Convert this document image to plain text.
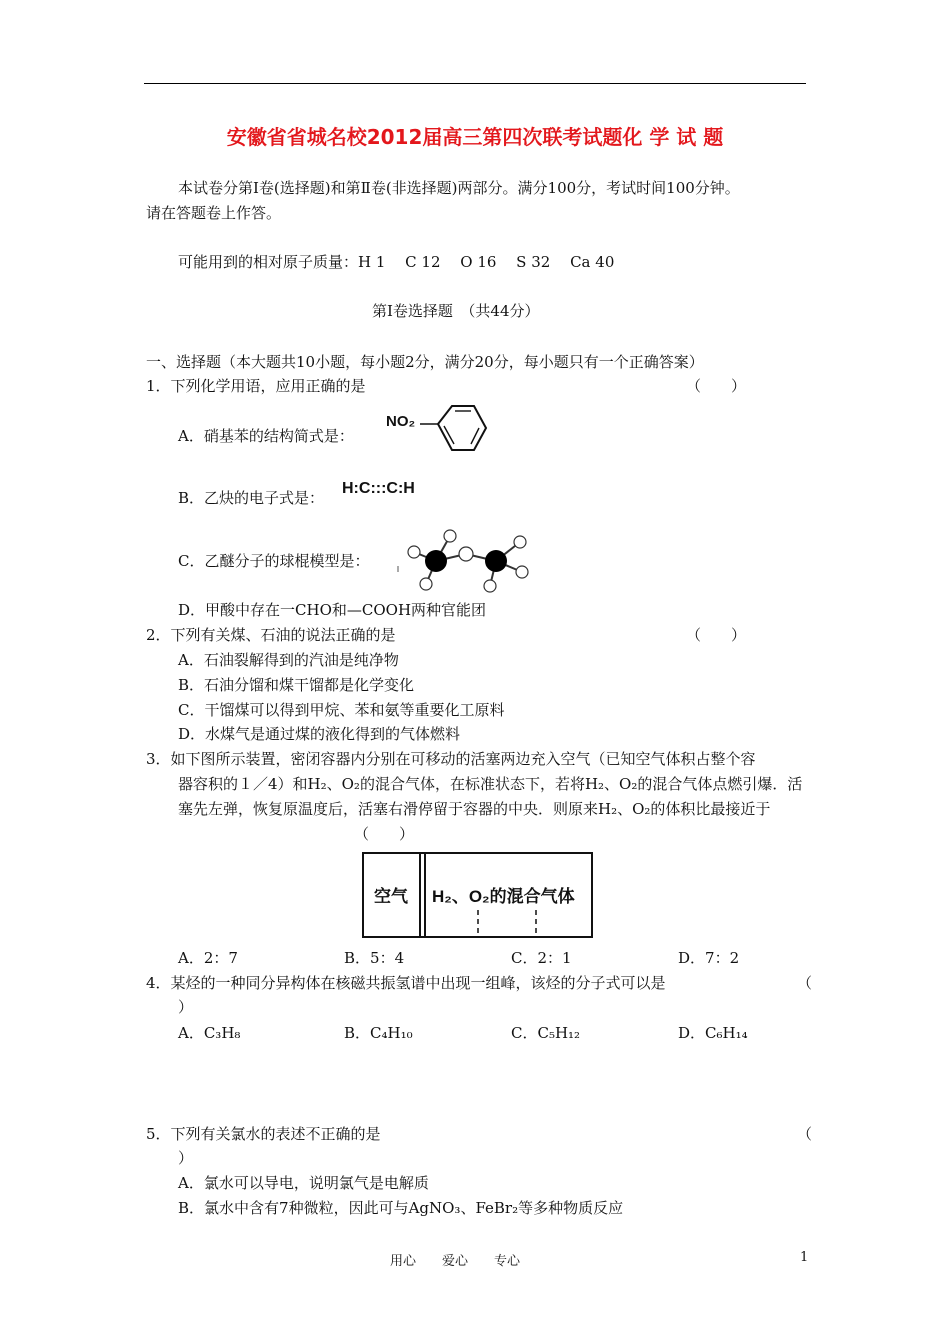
安徽省省城名校2012届高三第四次联考试题化 学 试 题
本试卷分第Ⅰ卷(选择题)和第Ⅱ卷(非选择题)两部分。满分100分，考试时间100分钟。
请在答题卷上作答。
可能用到的相对原子质量：H 1　 C 12　 O 16　 S 32　 Ca 40
第Ⅰ卷选择题　（共44分）
一、选择题（本大题共10小题，每小题2分，满分20分，每小题只有一个正确答案）
1．下列化学用语，应用正确的是	（　　）
A．硝基苯的结构简式是：
NO₂
B．乙炔的电子式是：
H:C:::C:H
C．乙醚分子的球棍模型是：
D．甲酸中存在一CHO和—COOH两种官能团
2．下列有关煤、石油的说法正确的是	（　　）
A．石油裂解得到的汽油是纯净物
B．石油分馏和煤干馏都是化学变化
C．干馏煤可以得到甲烷、苯和氨等重要化工原料
D．水煤气是通过煤的液化得到的气体燃料
3．如下图所示装置，密闭容器内分别在可移动的活塞两边充入空气（已知空气体积占整个容
器容积的１／4）和H₂、O₂的混合气体，在标准状态下，若将H₂、O₂的混合气体点燃引爆．活
塞先左弹，恢复原温度后，活塞右滑停留于容器的中央．则原来H₂、O₂的体积比最接近于
（　　）
空气 H₂、O₂的混合气体
A．2：7	B．5：4	C．2：1	D．7：2
4．某烃的一种同分异构体在核磁共振氢谱中出现一组峰，该烃的分子式可以是	（
）
A．C₃H₈	B．C₄H₁₀	C．C₅H₁₂	D．C₆H₁₄
5．下列有关氯水的表述不正确的是	（
）
A．氯水可以导电，说明氯气是电解质
B．氯水中含有7种微粒，因此可与AgNO₃、FeBr₂等多种物质反应
用心　　爱心　　专心	1
